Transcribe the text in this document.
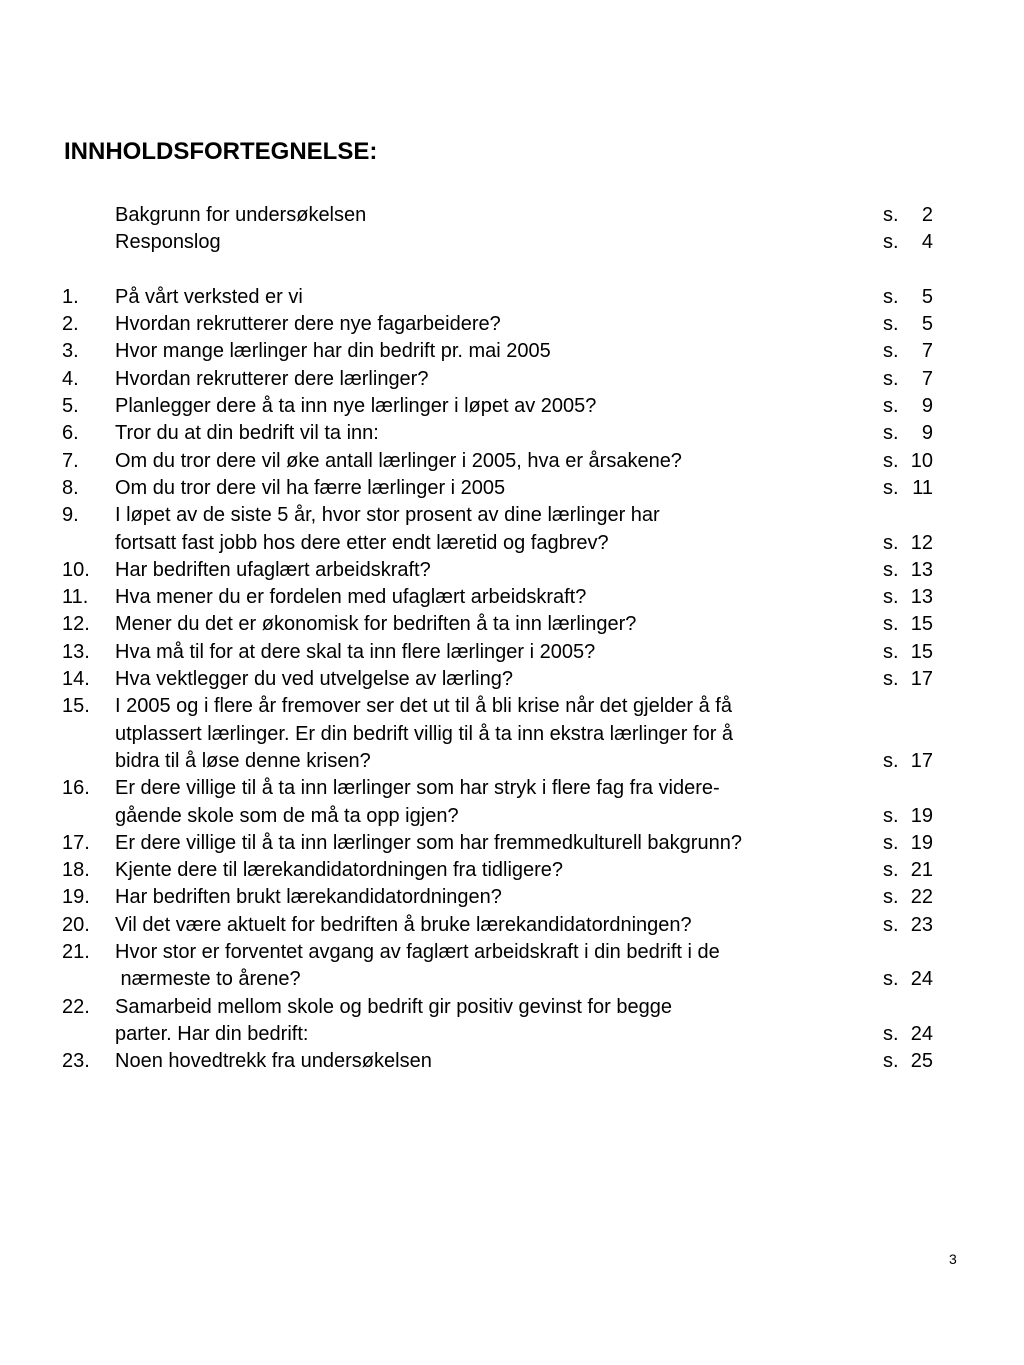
INNHOLDSFORTEGNELSE:
Bakgrunn for undersøkelsen	s. 2
Responslog	s. 4
1. På vårt verksted er vi	s. 5
2. Hvordan rekrutterer dere nye fagarbeidere?	s. 5
3. Hvor mange lærlinger har din bedrift pr. mai 2005	s. 7
4. Hvordan rekrutterer dere lærlinger?	s. 7
5. Planlegger dere å ta inn nye lærlinger i løpet av 2005?	s. 9
6. Tror du at din bedrift vil ta inn:	s. 9
7. Om du tror dere vil øke antall lærlinger i 2005, hva er årsakene?	s. 10
8. Om du tror dere vil ha færre lærlinger i 2005	s. 11
9. I løpet av de siste 5 år, hvor stor prosent av dine lærlinger har
fortsatt fast jobb hos dere etter endt læretid og fagbrev?	s. 12
10. Har bedriften ufaglært arbeidskraft?	s. 13
11. Hva mener du er fordelen med ufaglært arbeidskraft?	s. 13
12. Mener du det er økonomisk for bedriften å ta inn lærlinger?	s. 15
13. Hva må til for at dere skal ta inn flere lærlinger i 2005?	s. 15
14. Hva vektlegger du ved utvelgelse av lærling?	s. 17
15. I 2005 og i flere år fremover ser det ut til å bli krise når det gjelder å få
utplassert lærlinger. Er din bedrift villig til å ta inn ekstra lærlinger for å
bidra til å løse denne krisen?	s. 17
16. Er dere villige til å ta inn lærlinger som har stryk i flere fag fra videre-
gående skole som de må ta opp igjen?	s. 19
17. Er dere villige til å ta inn lærlinger som har fremmedkulturell bakgrunn?	s. 19
18. Kjente dere til lærekandidatordningen fra tidligere?	s. 21
19. Har bedriften brukt lærekandidatordningen?	s. 22
20. Vil det være aktuelt for bedriften å bruke lærekandidatordningen?	s. 23
21. Hvor stor er forventet avgang av faglært arbeidskraft i din bedrift i de
nærmeste to årene?	s. 24
22. Samarbeid mellom skole og bedrift gir positiv gevinst for begge
parter. Har din bedrift:	s. 24
23. Noen hovedtrekk fra undersøkelsen	s. 25
3
